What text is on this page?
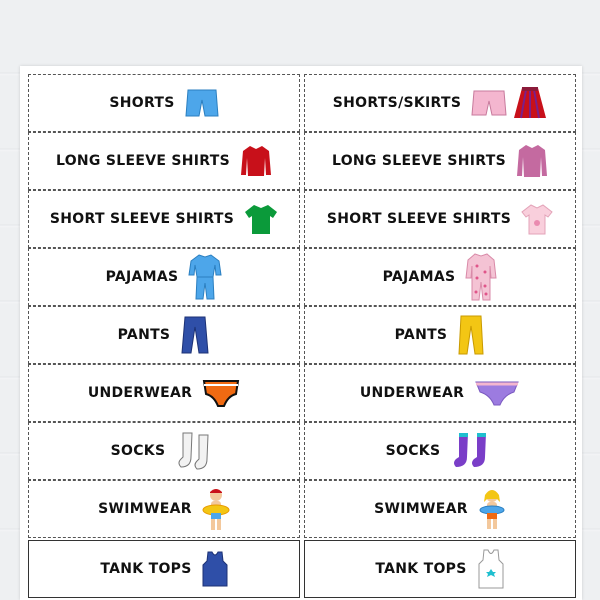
SHORTS
LONG SLEEVE SHIRTS
SHORT SLEEVE SHIRTS
PAJAMAS
PANTS
UNDERWEAR
SOCKS
SWIMWEAR
TANK TOPS
SHORTS/SKIRTS
LONG SLEEVE SHIRTS
SHORT SLEEVE SHIRTS
PAJAMAS
PANTS
UNDERWEAR
SOCKS
SWIMWEAR
TANK TOPS
